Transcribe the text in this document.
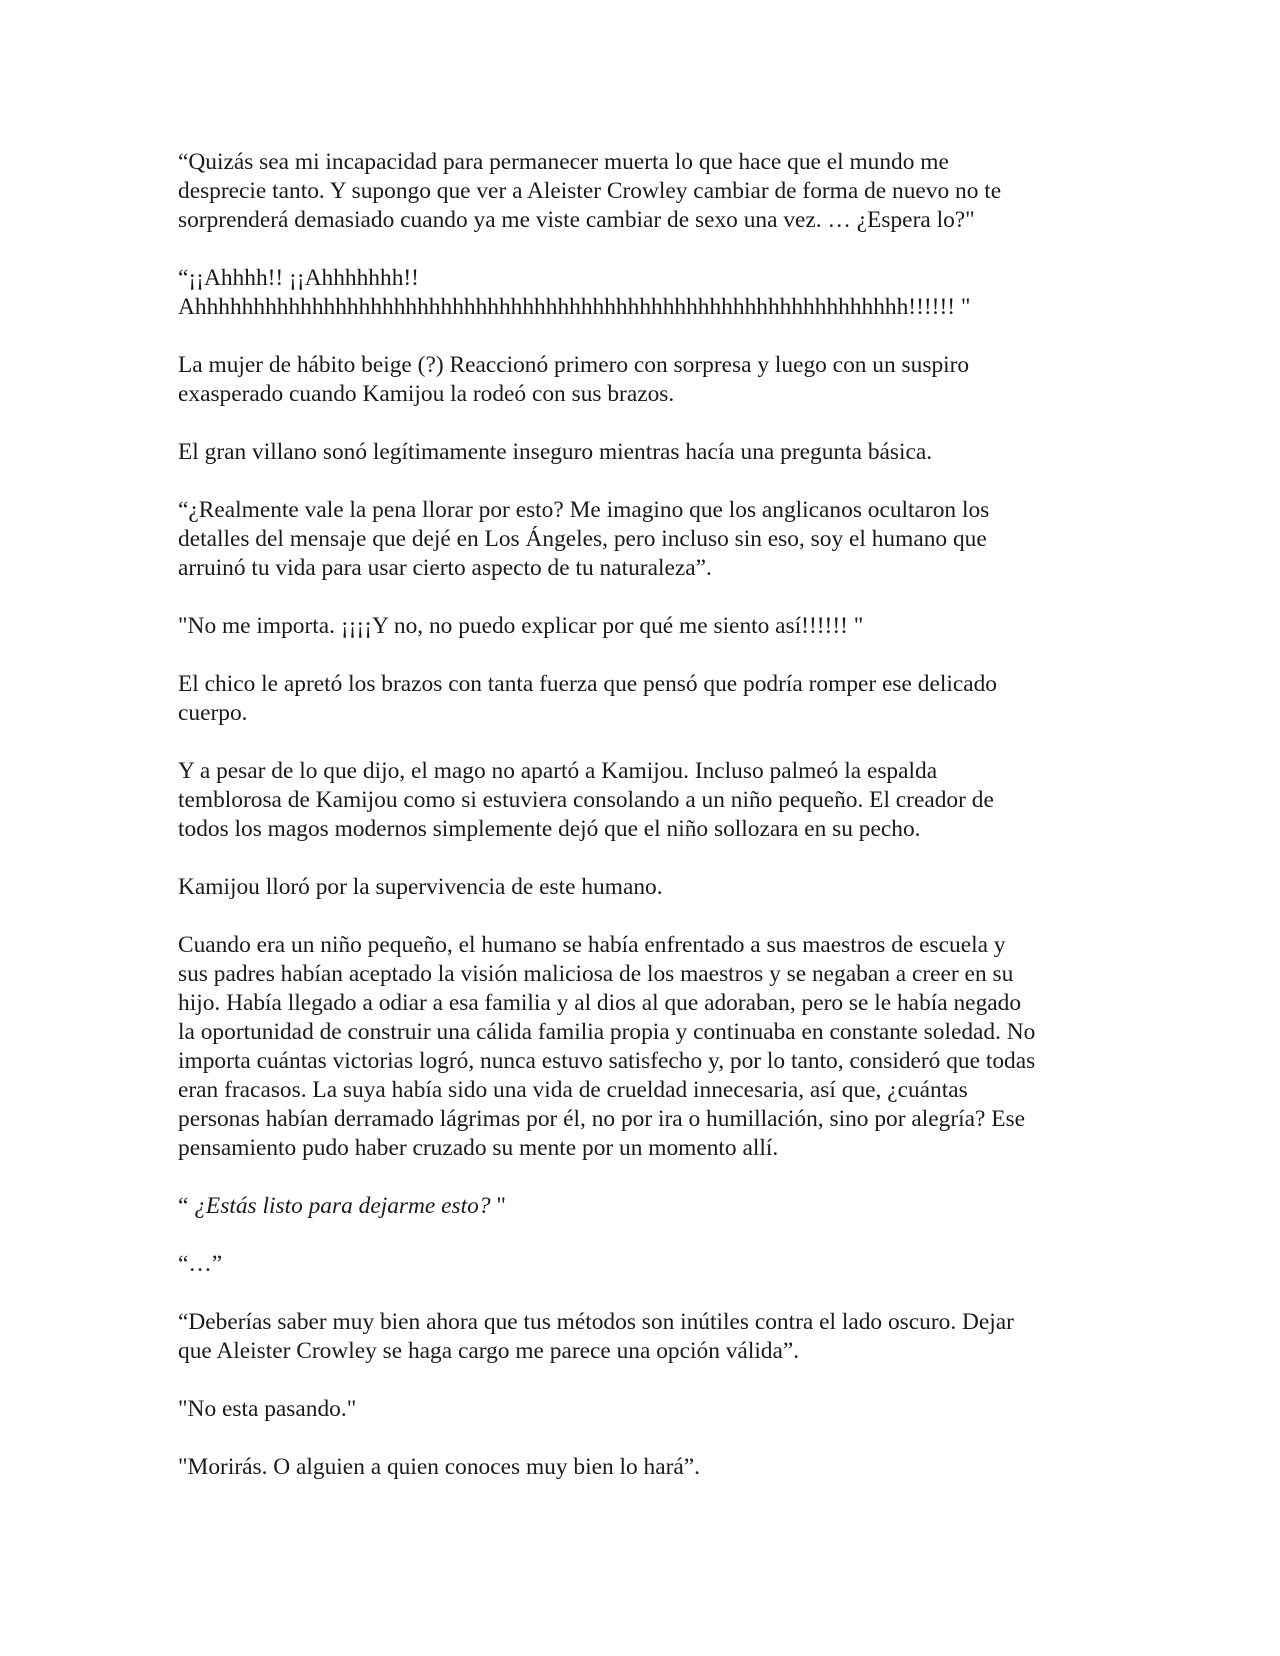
“Quizás sea mi incapacidad para permanecer muerta lo que hace que el mundo me
desprecie tanto. Y supongo que ver a Aleister Crowley cambiar de forma de nuevo no te
sorprenderá demasiado cuando ya me viste cambiar de sexo una vez. … ¿Espera lo?"

“¡¡Ahhhh!! ¡¡Ahhhhhhh!!
Ahhhhhhhhhhhhhhhhhhhhhhhhhhhhhhhhhhhhhhhhhhhhhhhhhhhhhhhhhhhhh!!!!!! "

La mujer de hábito beige (?) Reaccionó primero con sorpresa y luego con un suspiro
exasperado cuando Kamijou la rodeó con sus brazos.

El gran villano sonó legítimamente inseguro mientras hacía una pregunta básica.

“¿Realmente vale la pena llorar por esto? Me imagino que los anglicanos ocultaron los
detalles del mensaje que dejé en Los Ángeles, pero incluso sin eso, soy el humano que
arruinó tu vida para usar cierto aspecto de tu naturaleza”.

"No me importa. ¡¡¡¡Y no, no puedo explicar por qué me siento así!!!!!! "

El chico le apretó los brazos con tanta fuerza que pensó que podría romper ese delicado
cuerpo.

Y a pesar de lo que dijo, el mago no apartó a Kamijou. Incluso palmeó la espalda
temblorosa de Kamijou como si estuviera consolando a un niño pequeño. El creador de
todos los magos modernos simplemente dejó que el niño sollozara en su pecho.

Kamijou lloró por la supervivencia de este humano.

Cuando era un niño pequeño, el humano se había enfrentado a sus maestros de escuela y
sus padres habían aceptado la visión maliciosa de los maestros y se negaban a creer en su
hijo. Había llegado a odiar a esa familia y al dios al que adoraban, pero se le había negado
la oportunidad de construir una cálida familia propia y continuaba en constante soledad. No
importa cuántas victorias logró, nunca estuvo satisfecho y, por lo tanto, consideró que todas
eran fracasos. La suya había sido una vida de crueldad innecesaria, así que, ¿cuántas
personas habían derramado lágrimas por él, no por ira o humillación, sino por alegría? Ese
pensamiento pudo haber cruzado su mente por un momento allí.

“ ¿Estás listo para dejarme esto? "

“…”

“Deberías saber muy bien ahora que tus métodos son inútiles contra el lado oscuro. Dejar
que Aleister Crowley se haga cargo me parece una opción válida”.

"No esta pasando."

"Morirás. O alguien a quien conoces muy bien lo hará”.
